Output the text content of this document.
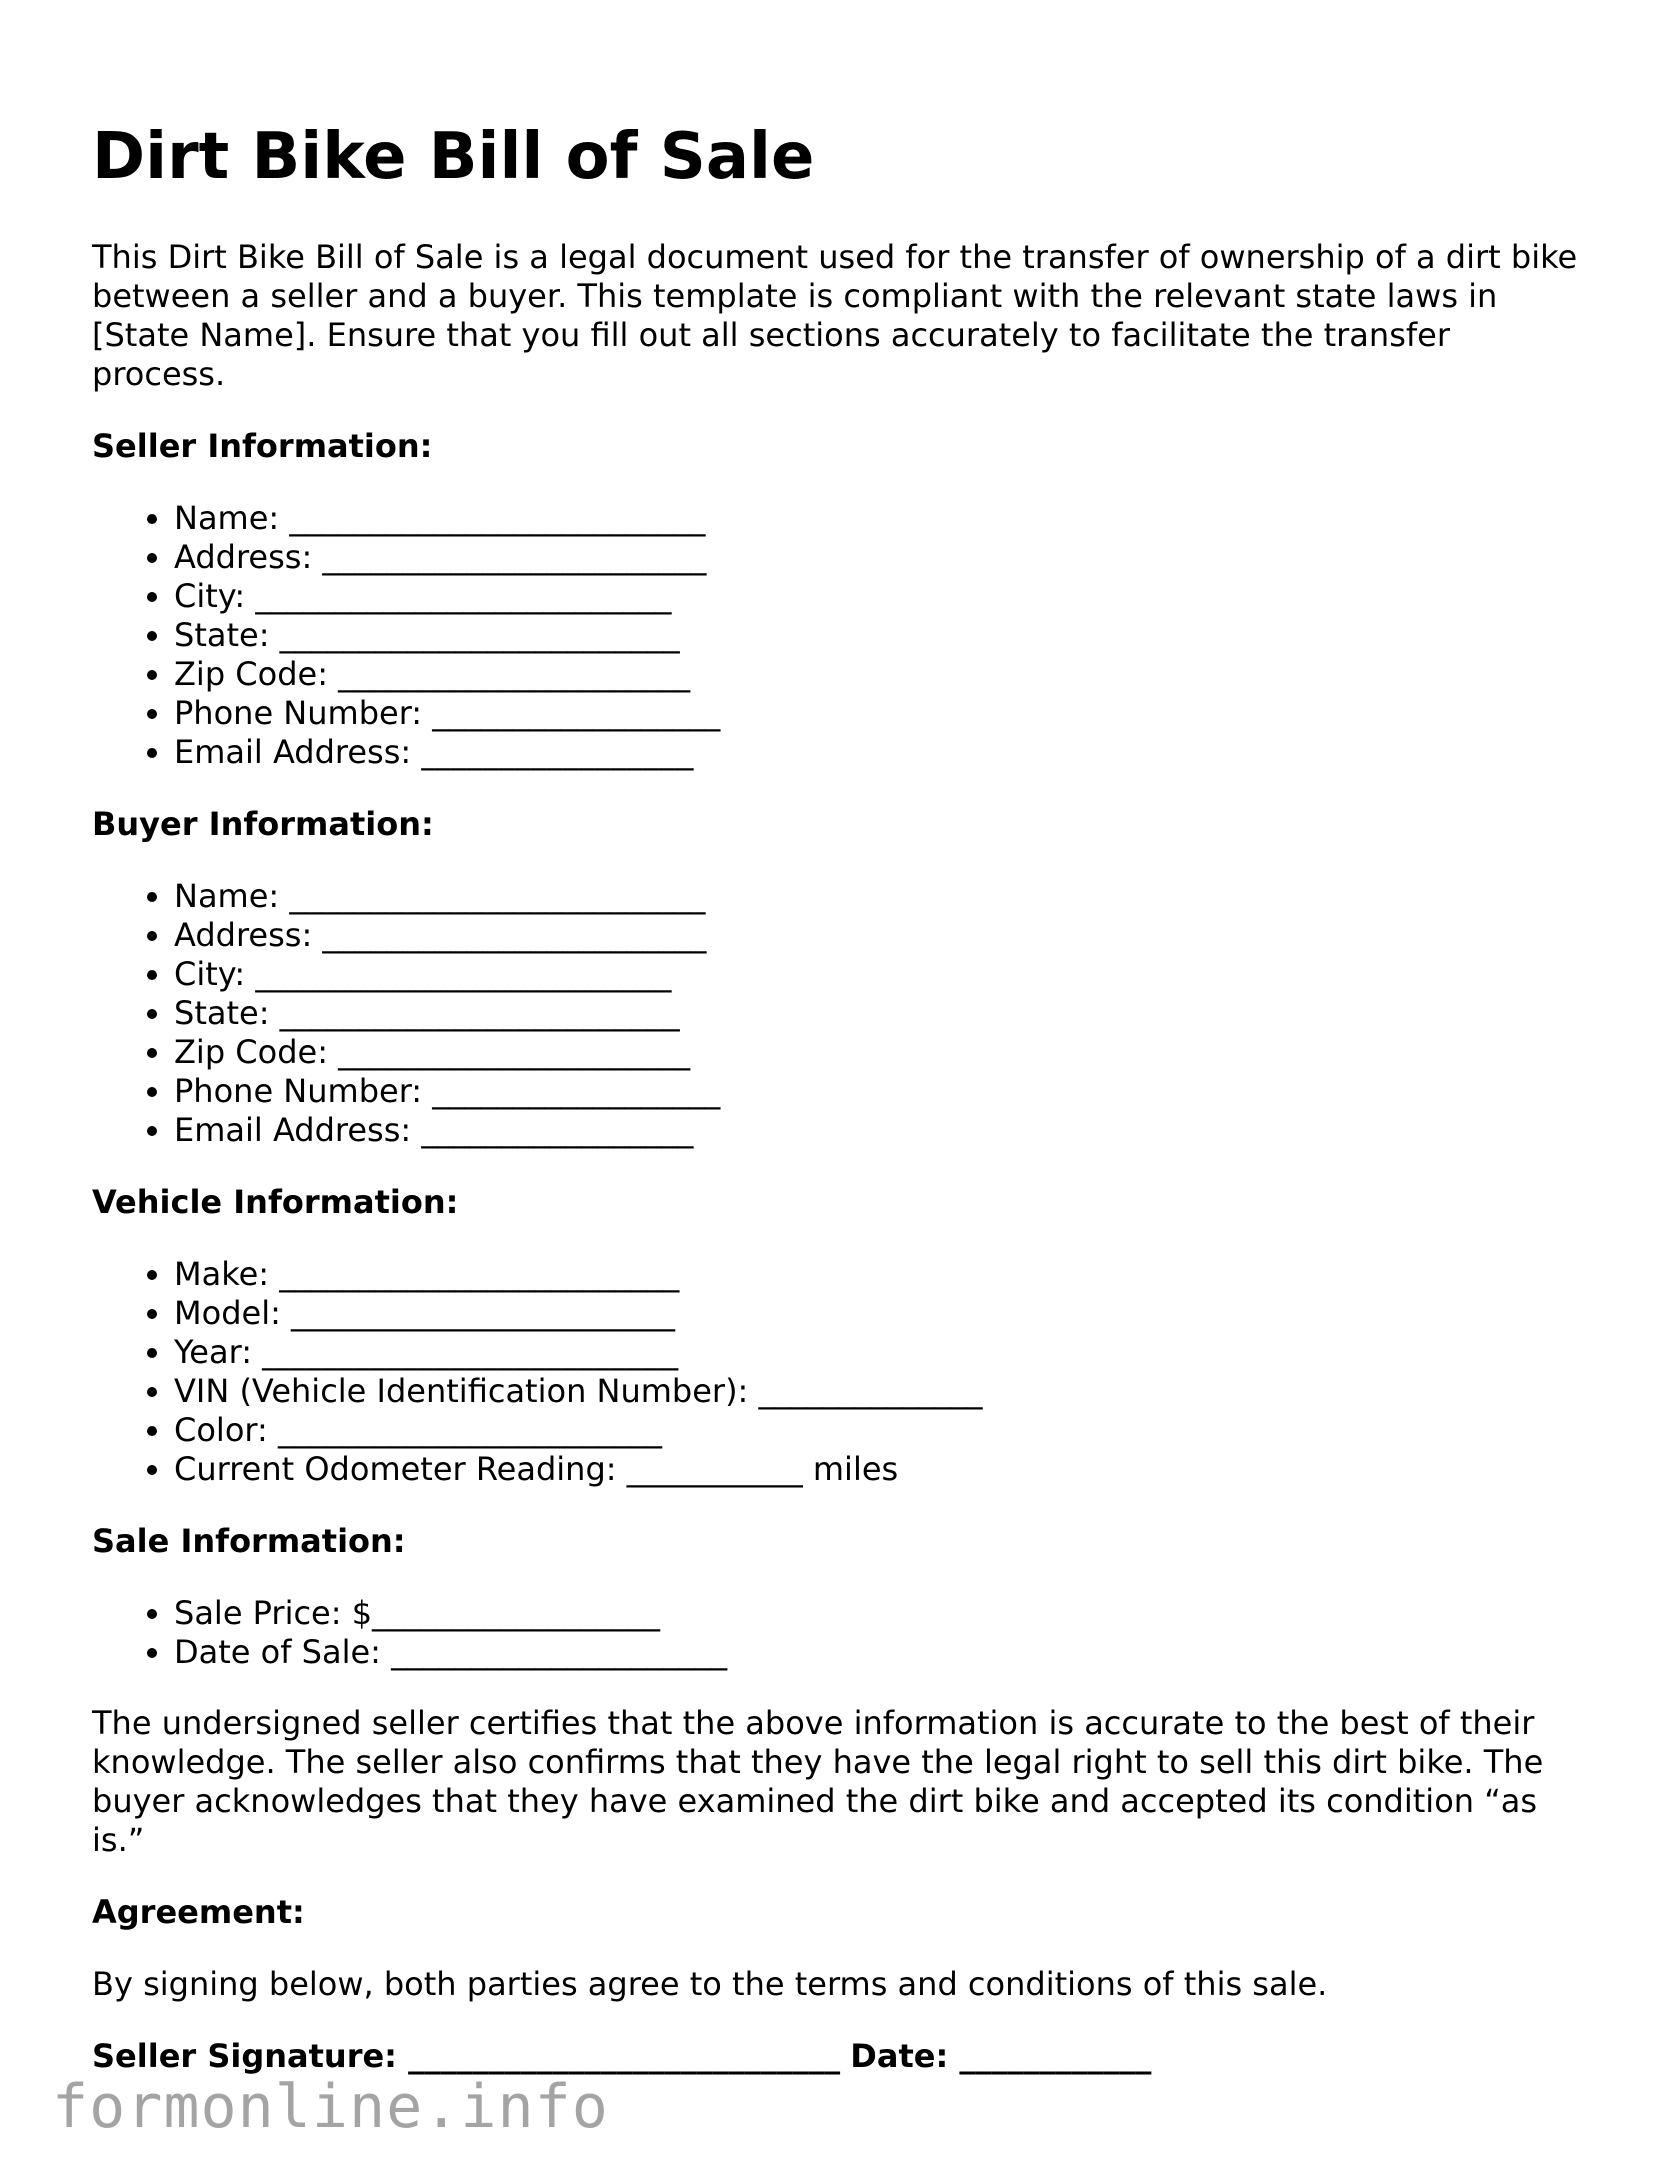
Dirt Bike Bill of Sale

This Dirt Bike Bill of Sale is a legal document used for the transfer of ownership of a dirt bike between a seller and a buyer. This template is compliant with the relevant state laws in [State Name]. Ensure that you fill out all sections accurately to facilitate the transfer process.

Seller Information:
• Name: __________________________
• Address: ________________________
• City: __________________________
• State: _________________________
• Zip Code: ______________________
• Phone Number: __________________
• Email Address: _________________
Buyer Information:
• Name: __________________________
• Address: ________________________
• City: __________________________
• State: _________________________
• Zip Code: ______________________
• Phone Number: __________________
• Email Address: _________________
Vehicle Information:
• Make: _________________________
• Model: ________________________
• Year: __________________________
• VIN (Vehicle Identification Number): ______________
• Color: ________________________
• Current Odometer Reading: ___________ miles
Sale Information:
• Sale Price: $__________________
• Date of Sale: _____________________

The undersigned seller certifies that the above information is accurate to the best of their knowledge. The seller also confirms that they have the legal right to sell this dirt bike. The buyer acknowledges that they have examined the dirt bike and accepted its condition “as is.”

Agreement:

By signing below, both parties agree to the terms and conditions of this sale.

Seller Signature: ___________________________ Date: ____________
formonline.info
